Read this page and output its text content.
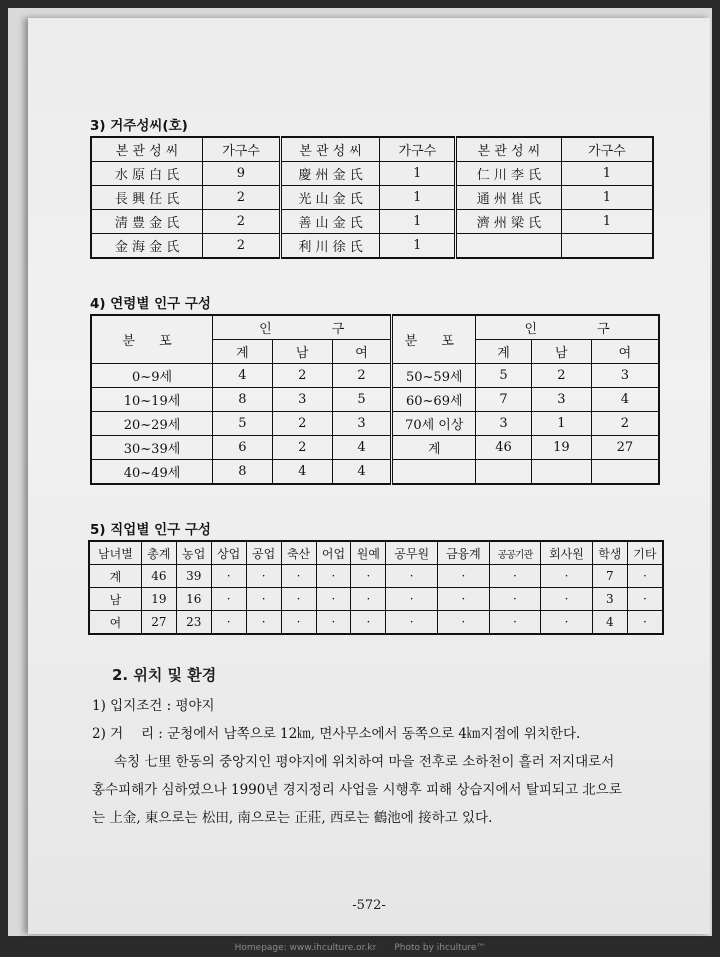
3) 거주성씨(호)
본 관 성 씨	가구수	본 관 성 씨	가구수	본 관 성 씨	가구수
水 原 白 氏	9	慶 州 金 氏	1	仁 川 李 氏	1
長 興 任 氏	2	光 山 金 氏	1	通 州 崔 氏	1
淸 豊 金 氏	2	善 山 金 氏	1	濟 州 梁 氏	1
金 海 金 氏	2	利 川 徐 氏	1		
4) 연령별 인구 구성
분 포	인 구			분 포	인 구		
	계	남	여		계	남	여
0~9세	4	2	2	50~59세	5	2	3
10~19세	8	3	5	60~69세	7	3	4
20~29세	5	2	3	70세 이상	3	1	2
30~39세	6	2	4	계	46	19	27
40~49세	8	4	4				
5) 직업별 인구 구성
남녀별	총계	농업	상업	공업	축산	어업	원예	공무원	금융계	공공기관	회사원	학생	기타
계	46	39	·	·	·	·	·	·	·	·	·	7	·
남	19	16	·	·	·	·	·	·	·	·	·	3	·
여	27	23	·	·	·	·	·	·	·	·	·	4	·
2. 위치 및 환경
1) 입지조건 : 평야지
2) 거　 리 : 군청에서 남쪽으로 12㎞, 면사무소에서 동쪽으로 4㎞지점에 위치한다.
속칭 七里 한동의 중앙지인 평야지에 위치하여 마을 전후로 소하천이 흘러 저지대로서
홍수피해가 심하였으나 1990년 경지정리 사업을 시행후 피해 상습지에서 탈피되고 北으로
는 上金, 東으로는 松田, 南으로는 正莊, 西로는 鶴池에 接하고 있다.
-572-
Homepage: www.ihculture.or.kr　　Photo by ihculture™
